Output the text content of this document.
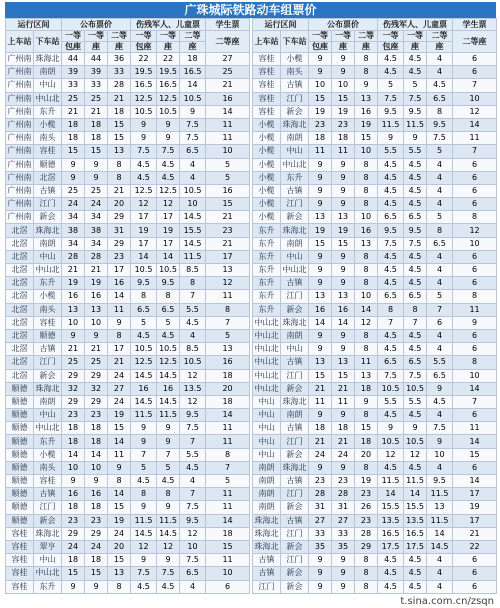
广珠城际铁路动车组票价
运行区间		公布票价			伤残军人、儿童票			学生票
上车站	下车站	一等	一等	二等	一等	一等	二等	二等座
		包座	座	座	包座	座	座	
广州南	珠海北	44	44	36	22	22	18	27
广州南	南朗	39	39	33	19.5	19.5	16.5	25
广州南	中山	33	33	28	16.5	16.5	14	21
广州南	中山北	25	25	21	12.5	12.5	10.5	16
广州南	东升	21	21	18	10.5	10.5	9	14
广州南	小榄	18	18	15	9	9	7.5	11
广州南	南头	18	18	15	9	9	7.5	11
广州南	容桂	15	15	13	7.5	7.5	6.5	10
广州南	顺德	9	9	8	4.5	4.5	4	5
广州南	北滘	9	9	8	4.5	4.5	4	5
广州南	古镇	25	25	21	12.5	12.5	10.5	16
广州南	江门	24	24	20	12	12	10	15
广州南	新会	34	34	29	17	17	14.5	21
北滘	珠海北	38	38	31	19	19	15.5	23
北滘	南朗	34	34	29	17	17	14.5	21
北滘	中山	28	28	23	14	14	11.5	17
北滘	中山北	21	21	17	10.5	10.5	8.5	13
北滘	东升	19	19	16	9.5	9.5	8	12
北滘	小榄	16	16	14	8	8	7	11
北滘	南头	13	13	11	6.5	6.5	5.5	8
北滘	容桂	10	10	9	5	5	4.5	7
北滘	顺德	9	9	8	4.5	4.5	4	5
北滘	古镇	21	21	17	10.5	10.5	8.5	13
北滘	江门	25	25	21	12.5	12.5	10.5	16
北滘	新会	29	29	24	14.5	14.5	12	18
顺德	珠海北	32	32	27	16	16	13.5	20
顺德	南朗	29	29	24	14.5	14.5	12	18
顺德	中山	23	23	19	11.5	11.5	9.5	14
顺德	中山北	18	18	15	9	9	7.5	11
顺德	东升	18	18	14	9	9	7	11
顺德	小榄	14	14	11	7	7	5.5	8
顺德	南头	10	10	9	5	5	4.5	7
顺德	容桂	9	9	8	4.5	4.5	4	5
顺德	古镇	16	16	14	8	8	7	11
顺德	江门	18	18	15	9	9	7.5	11
顺德	新会	23	23	19	11.5	11.5	9.5	14
容桂	珠海北	29	29	24	14.5	14.5	12	18
容桂	翠亨	24	24	20	12	12	10	15
容桂	中山	18	18	15	9	9	7.5	11
容桂	中山北	15	15	13	7.5	7.5	6.5	10
容桂	东升	9	9	8	4.5	4.5	4	6
运行区间		公布票价			伤残军人、儿童票			学生票
上车站	下车站	一等	一等	二等	一等	一等	二等	二等座
		包座	座	座	包座	座	座	
容桂	小榄	9	9	8	4.5	4.5	4	6
容桂	南头	9	9	8	4.5	4.5	4	6
容桂	古镇	10	10	9	5	5	4.5	7
容桂	江门	15	15	13	7.5	7.5	6.5	10
容桂	新会	19	19	16	9.5	9.5	8	12
小榄	珠海北	23	23	19	11.5	11.5	9.5	14
小榄	南朗	18	18	15	9	9	7.5	11
小榄	中山	11	11	10	5.5	5.5	5	7
小榄	中山北	9	9	8	4.5	4.5	4	6
小榄	东升	9	9	8	4.5	4.5	4	6
小榄	古镇	9	9	8	4.5	4.5	4	6
小榄	江门	9	9	8	4.5	4.5	4	6
小榄	新会	13	13	10	6.5	6.5	5	8
东升	珠海北	19	19	16	9.5	9.5	8	12
东升	南朗	15	15	13	7.5	7.5	6.5	10
东升	中山	9	9	8	4.5	4.5	4	6
东升	中山北	9	9	8	4.5	4.5	4	6
东升	古镇	9	9	8	4.5	4.5	4	6
东升	江门	13	13	10	6.5	6.5	5	8
东升	新会	16	16	14	8	8	7	11
中山北	珠海北	14	14	12	7	7	6	9
中山北	南朗	9	9	8	4.5	4.5	4	6
中山北	中山	9	9	8	4.5	4.5	4	6
中山北	古镇	13	13	11	6.5	6.5	5.5	8
中山北	江门	15	15	13	7.5	7.5	6.5	10
中山北	新会	21	21	18	10.5	10.5	9	14
中山	珠海北	11	11	9	5.5	5.5	4.5	7
中山	南朗	9	9	8	4.5	4.5	4	6
中山	古镇	18	18	15	9	9	7.5	11
中山	江门	21	21	18	10.5	10.5	9	14
中山	新会	24	24	20	12	12	10	15
南朗	珠海北	9	9	8	4.5	4.5	4	6
南朗	古镇	23	23	19	11.5	11.5	9.5	14
南朗	江门	28	28	23	14	14	11.5	17
南朗	新会	31	31	26	15.5	15.5	13	19
珠海北	古镇	27	27	23	13.5	13.5	11.5	17
珠海北	江门	33	33	28	16.5	16.5	14	21
珠海北	新会	35	35	29	17.5	17.5	14.5	22
古镇	江门	9	9	8	4.5	4.5	4	6
古镇	新会	9	9	8	4.5	4.5	4	6
江门	新会	9	9	8	4.5	4.5	4	6
t.sina.com.cn/zsqn
